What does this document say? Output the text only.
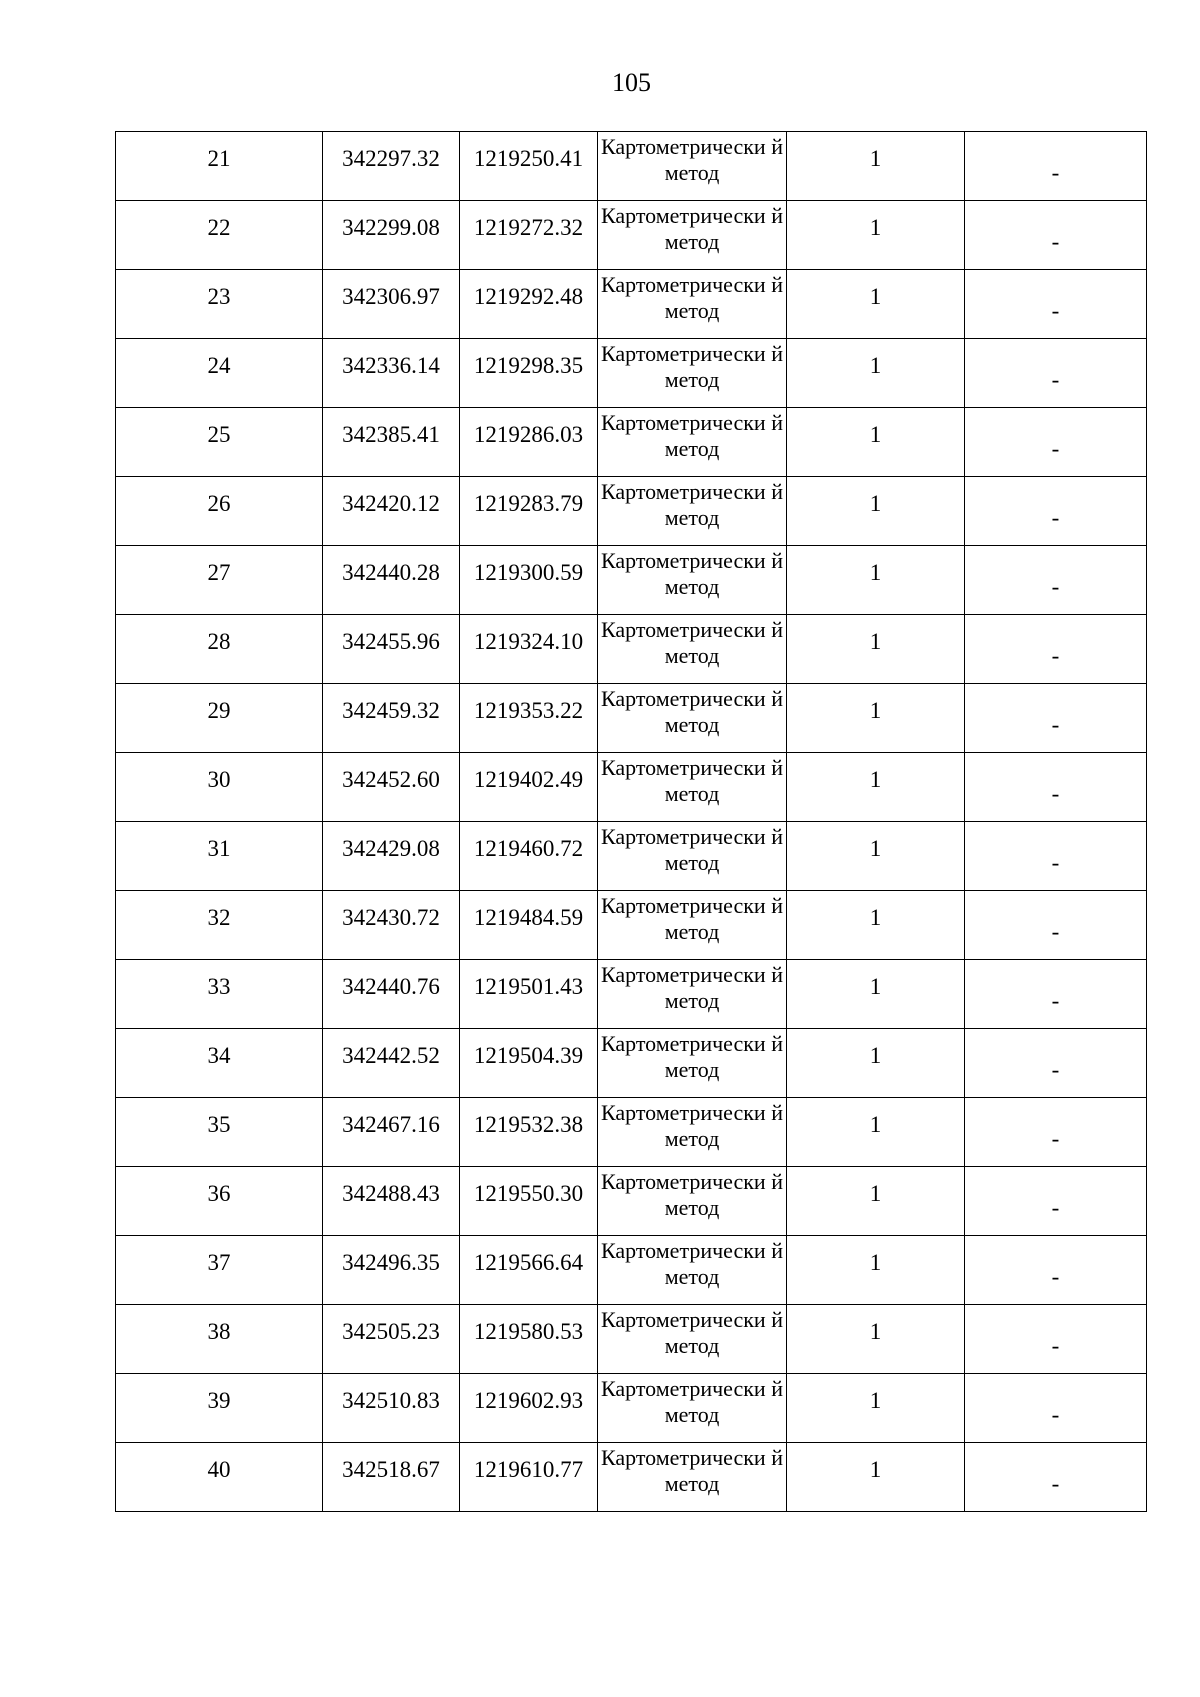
105
21	342297.32	1219250.41	Картометрически й метод	1	-

22	342299.08	1219272.32	Картометрически й метод	1	-

23	342306.97	1219292.48	Картометрически й метод	1	-

24	342336.14	1219298.35	Картометрически й метод	1	-

25	342385.41	1219286.03	Картометрически й метод	1	-

26	342420.12	1219283.79	Картометрически й метод	1	-

27	342440.28	1219300.59	Картометрически й метод	1	-

28	342455.96	1219324.10	Картометрически й метод	1	-

29	342459.32	1219353.22	Картометрически й метод	1	-

30	342452.60	1219402.49	Картометрически й метод	1	-

31	342429.08	1219460.72	Картометрически й метод	1	-

32	342430.72	1219484.59	Картометрически й метод	1	-

33	342440.76	1219501.43	Картометрически й метод	1	-

34	342442.52	1219504.39	Картометрически й метод	1	-

35	342467.16	1219532.38	Картометрически й метод	1	-

36	342488.43	1219550.30	Картометрически й метод	1	-

37	342496.35	1219566.64	Картометрически й метод	1	-

38	342505.23	1219580.53	Картометрически й метод	1	-

39	342510.83	1219602.93	Картометрически й метод	1	-

40	342518.67	1219610.77	Картометрически й метод	1	-
